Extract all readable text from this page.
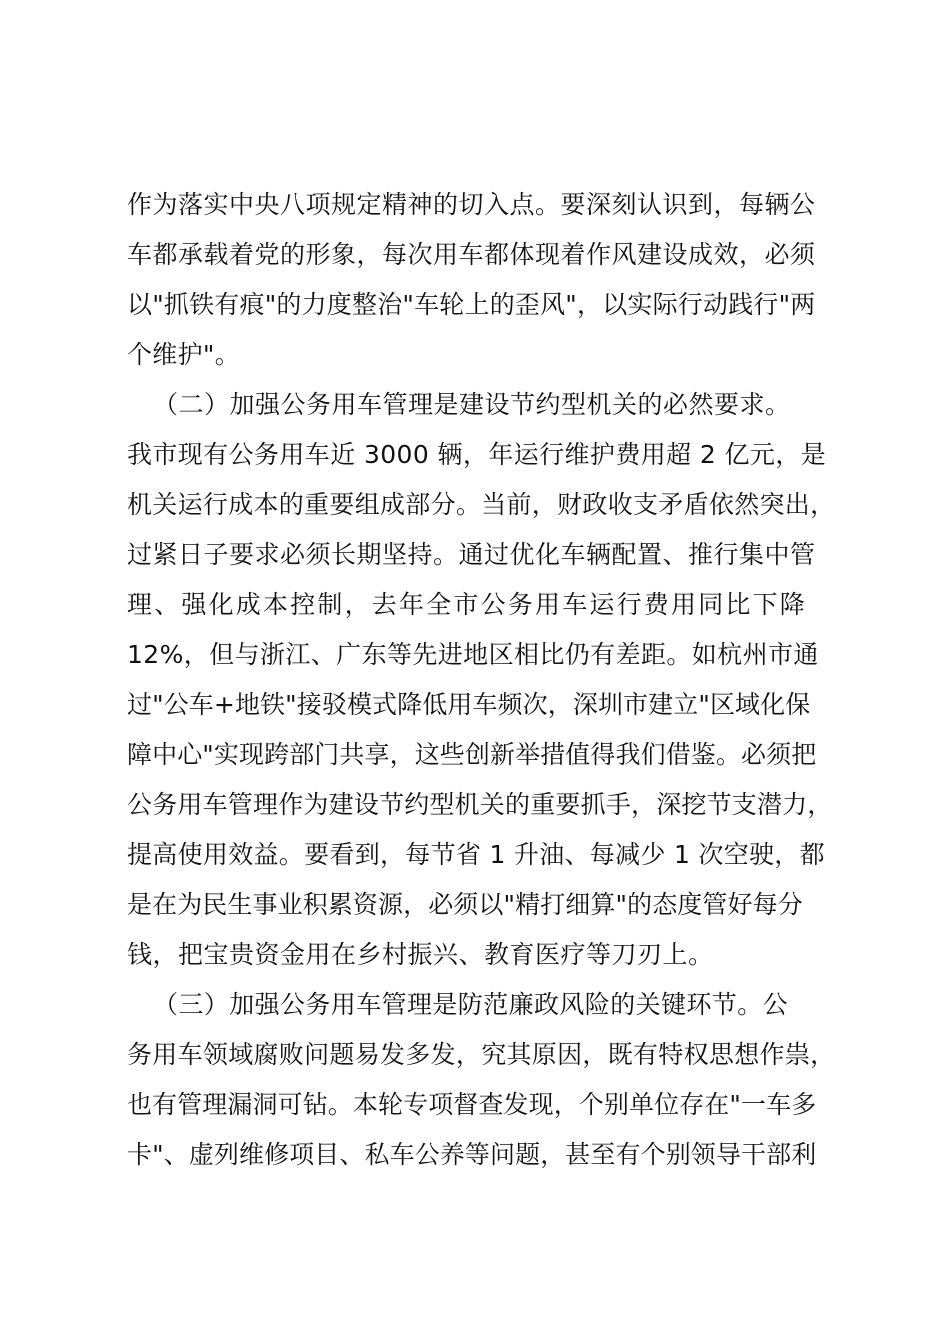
作为落实中央八项规定精神的切入点。要深刻认识到，每辆公
车都承载着党的形象，每次用车都体现着作风建设成效，必须
以"抓铁有痕"的力度整治"车轮上的歪风"，以实际行动践行"两
个维护"。
（二）加强公务用车管理是建设节约型机关的必然要求。
我市现有公务用车近 3000 辆，年运行维护费用超 2 亿元，是
机关运行成本的重要组成部分。当前，财政收支矛盾依然突出，
过紧日子要求必须长期坚持。通过优化车辆配置、推行集中管
理、强化成本控制，去年全市公务用车运行费用同比下降
12%，但与浙江、广东等先进地区相比仍有差距。如杭州市通
过"公车+地铁"接驳模式降低用车频次，深圳市建立"区域化保
障中心"实现跨部门共享，这些创新举措值得我们借鉴。必须把
公务用车管理作为建设节约型机关的重要抓手，深挖节支潜力，
提高使用效益。要看到，每节省 1 升油、每减少 1 次空驶，都
是在为民生事业积累资源，必须以"精打细算"的态度管好每分
钱，把宝贵资金用在乡村振兴、教育医疗等刀刃上。
（三）加强公务用车管理是防范廉政风险的关键环节。公
务用车领域腐败问题易发多发，究其原因，既有特权思想作祟，
也有管理漏洞可钻。本轮专项督查发现，个别单位存在"一车多
卡"、虚列维修项目、私车公养等问题，甚至有个别领导干部利
